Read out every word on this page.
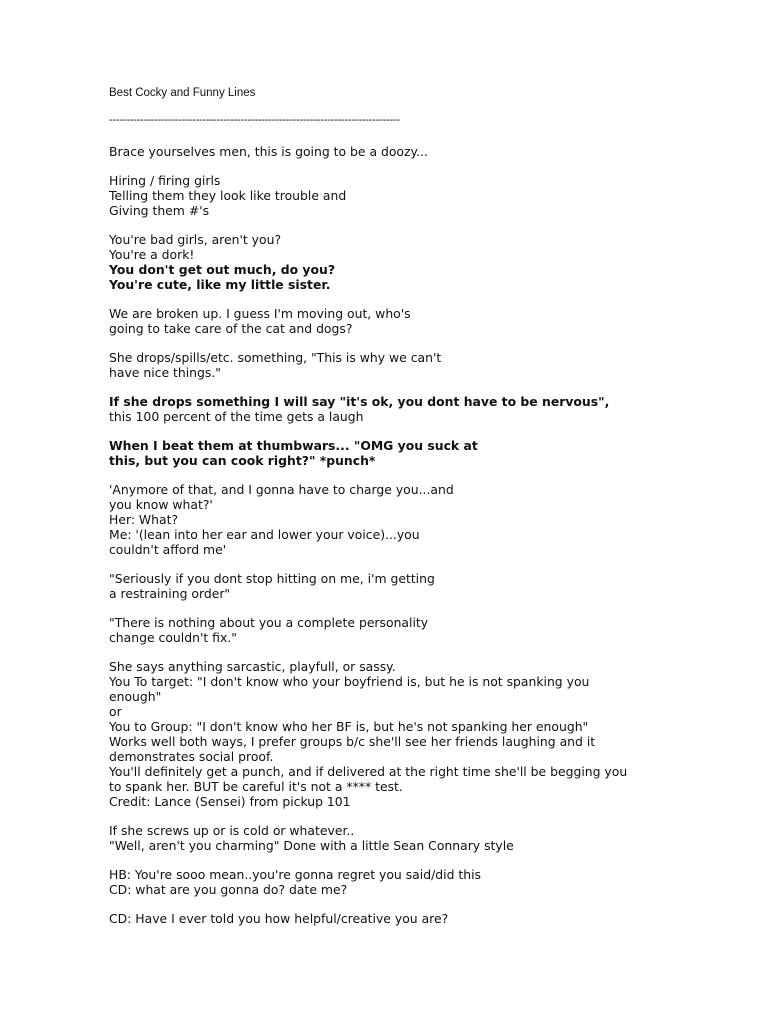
Best Cocky and Funny Lines
------------------------------------------------------------------------------------
Brace yourselves men, this is going to be a doozy...
Hiring / firing girls
Telling them they look like trouble and
Giving them #'s
You're bad girls, aren't you?
You're a dork!
You don't get out much, do you?
You're cute, like my little sister.
We are broken up. I guess I'm moving out, who's
going to take care of the cat and dogs?
She drops/spills/etc. something, "This is why we can't
have nice things."
If she drops something I will say "it's ok, you dont have to be nervous",
this 100 percent of the time gets a laugh
When I beat them at thumbwars... "OMG you suck at
this, but you can cook right?" *punch*
'Anymore of that, and I gonna have to charge you...and
you know what?'
Her: What?
Me: '(lean into her ear and lower your voice)...you
couldn't afford me'
"Seriously if you dont stop hitting on me, i'm getting
a restraining order"
"There is nothing about you a complete personality
change couldn't fix."
She says anything sarcastic, playfull, or sassy.
You To target: "I don't know who your boyfriend is, but he is not spanking you
enough"
or
You to Group: "I don't know who her BF is, but he's not spanking her enough"
Works well both ways, I prefer groups b/c she'll see her friends laughing and it
demonstrates social proof.
You'll definitely get a punch, and if delivered at the right time she'll be begging you
to spank her. BUT be careful it's not a **** test.
Credit: Lance (Sensei) from pickup 101
If she screws up or is cold or whatever..
"Well, aren't you charming" Done with a little Sean Connary style
HB: You're sooo mean..you're gonna regret you said/did this
CD: what are you gonna do? date me?
CD: Have I ever told you how helpful/creative you are?
